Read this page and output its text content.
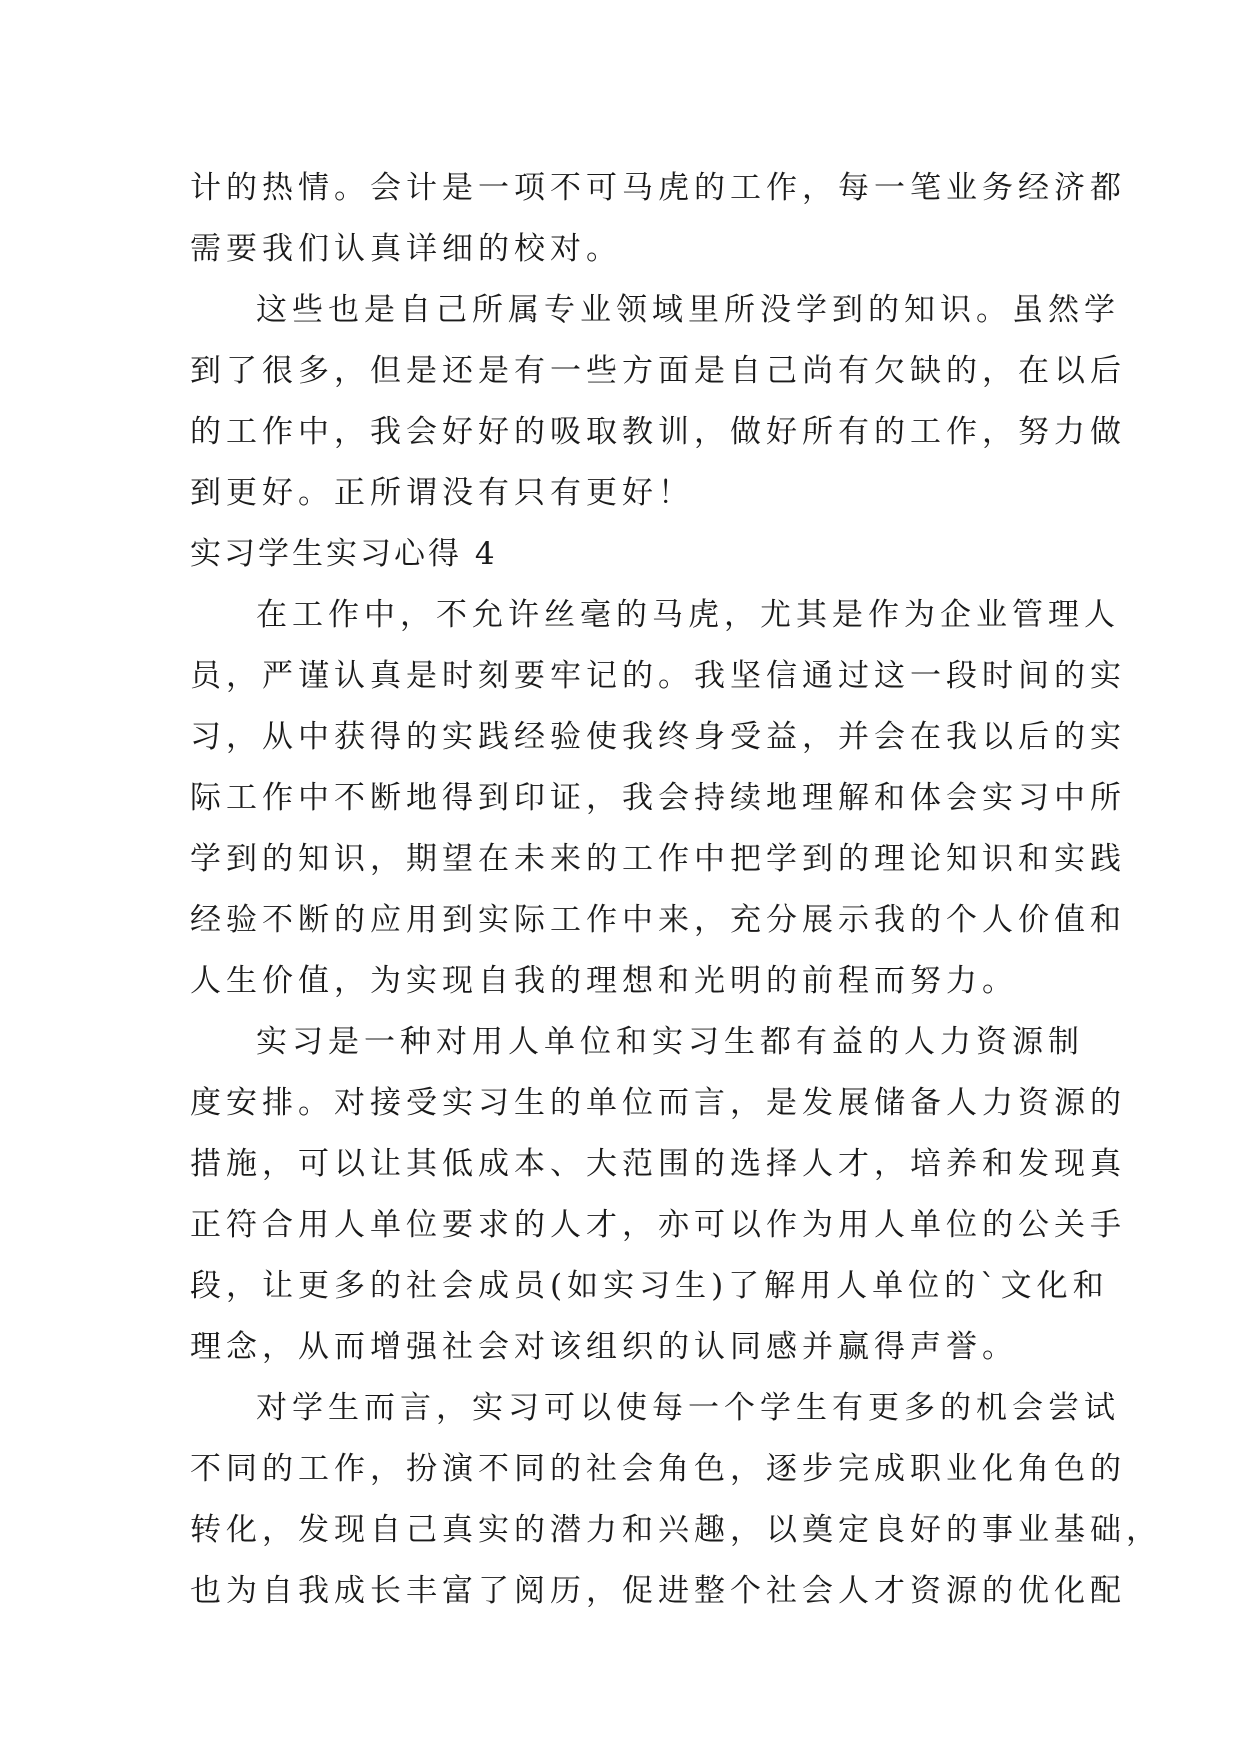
计的热情。会计是一项不可马虎的工作，每一笔业务经济都
需要我们认真详细的校对。
这些也是自己所属专业领域里所没学到的知识。虽然学
到了很多，但是还是有一些方面是自己尚有欠缺的，在以后
的工作中，我会好好的吸取教训，做好所有的工作，努力做
到更好。正所谓没有只有更好！
实习学生实习心得 4
在工作中，不允许丝毫的马虎，尤其是作为企业管理人
员，严谨认真是时刻要牢记的。我坚信通过这一段时间的实
习，从中获得的实践经验使我终身受益，并会在我以后的实
际工作中不断地得到印证，我会持续地理解和体会实习中所
学到的知识，期望在未来的工作中把学到的理论知识和实践
经验不断的应用到实际工作中来，充分展示我的个人价值和
人生价值，为实现自我的理想和光明的前程而努力。
实习是一种对用人单位和实习生都有益的人力资源制
度安排。对接受实习生的单位而言，是发展储备人力资源的
措施，可以让其低成本、大范围的选择人才，培养和发现真
正符合用人单位要求的人才，亦可以作为用人单位的公关手
段，让更多的社会成员(如实习生)了解用人单位的`文化和
理念，从而增强社会对该组织的认同感并赢得声誉。
对学生而言，实习可以使每一个学生有更多的机会尝试
不同的工作，扮演不同的社会角色，逐步完成职业化角色的
转化，发现自己真实的潜力和兴趣，以奠定良好的事业基础，
也为自我成长丰富了阅历，促进整个社会人才资源的优化配
